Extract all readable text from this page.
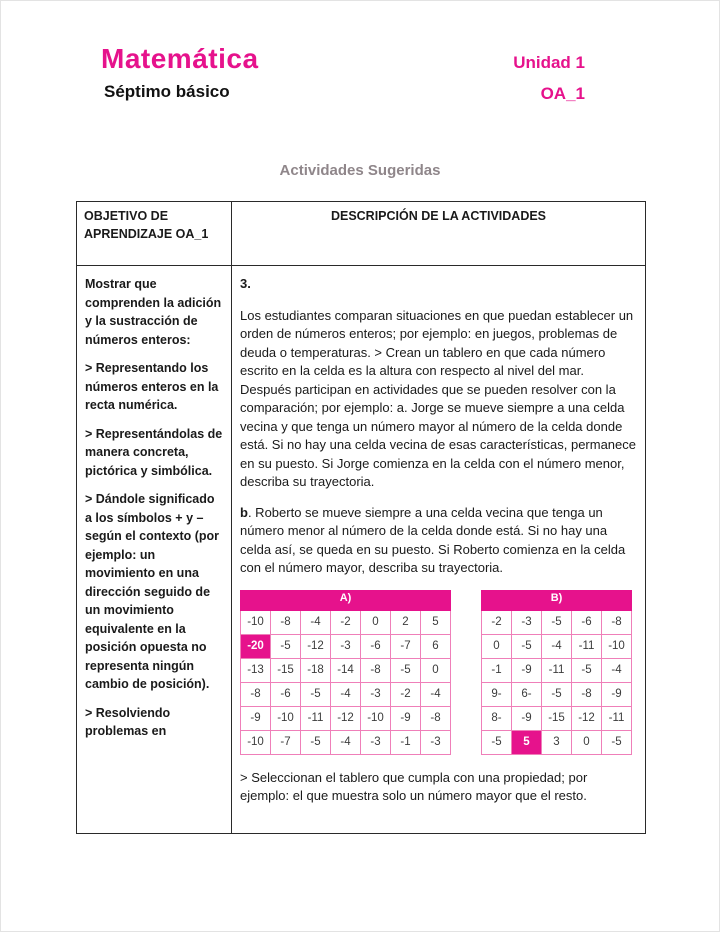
Matemática
Séptimo básico
Unidad 1
OA_1
Actividades Sugeridas
OBJETIVO DE APRENDIZAJE OA_1	DESCRIPCIÓN DE LA ACTIVIDADES

Mostrar que comprenden la adición y la sustracción de números enteros:

> Representando los números enteros en la recta numérica.

> Representándolas de manera concreta, pictórica y simbólica.

> Dándole significado a los símbolos + y – según el contexto (por ejemplo: un movimiento en una dirección seguido de un movimiento equivalente en la posición opuesta no representa ningún cambio de posición).

> Resolviendo problemas en

3.

Los estudiantes comparan situaciones en que puedan establecer un orden de números enteros; por ejemplo: en juegos, problemas de deuda o temperaturas. > Crean un tablero en que cada número escrito en la celda es la altura con respecto al nivel del mar. Después participan en actividades que se pueden resolver con la comparación; por ejemplo: a. Jorge se mueve siempre a una celda vecina y que tenga un número mayor al número de la celda donde está. Si no hay una celda vecina de esas características, permanece en su puesto. Si Jorge comienza en la celda con el número menor, describa su trayectoria.

b. Roberto se mueve siempre a una celda vecina que tenga un número menor al número de la celda donde está. Si no hay una celda así, se queda en su puesto. Si Roberto comienza en la celda con el número mayor, describa su trayectoria.

A)
-10	-8	-4	-2	0	2	5
-20	-5	-12	-3	-6	-7	6
-13	-15	-18	-14	-8	-5	0
-8	-6	-5	-4	-3	-2	-4
-9	-10	-11	-12	-10	-9	-8
-10	-7	-5	-4	-3	-1	-3
B)
-2	-3	-5	-6	-8
0	-5	-4	-11	-10
-1	-9	-11	-5	-4
9-	6-	-5	-8	-9
8-	-9	-15	-12	-11
-5	5	3	0	-5

> Seleccionan el tablero que cumpla con una propiedad; por ejemplo: el que muestra solo un número mayor que el resto.
